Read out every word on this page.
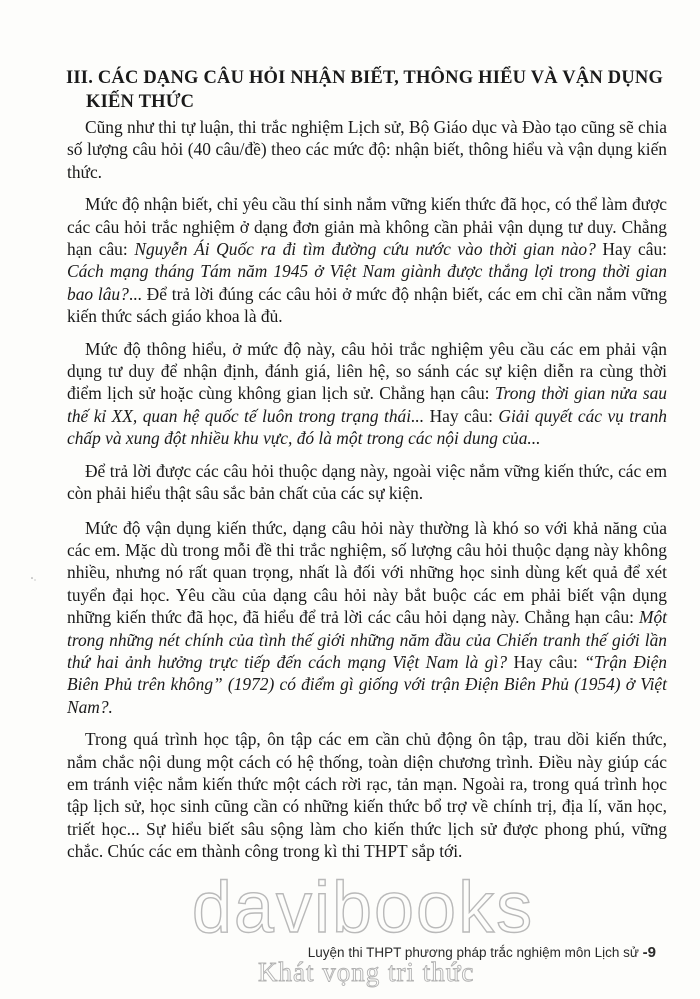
III. CÁC DẠNG CÂU HỎI NHẬN BIẾT, THÔNG HIỂU VÀ VẬN DỤNG
KIẾN THỨC

Cũng như thi tự luận, thi trắc nghiệm Lịch sử, Bộ Giáo dục và Đào tạo cũng sẽ chia số lượng câu hỏi (40 câu/đề) theo các mức độ: nhận biết, thông hiểu và vận dụng kiến thức.

Mức độ nhận biết, chỉ yêu cầu thí sinh nắm vững kiến thức đã học, có thể làm được các câu hỏi trắc nghiệm ở dạng đơn giản mà không cần phải vận dụng tư duy. Chẳng hạn câu: Nguyễn Ái Quốc ra đi tìm đường cứu nước vào thời gian nào? Hay câu: Cách mạng tháng Tám năm 1945 ở Việt Nam giành được thắng lợi trong thời gian bao lâu?... Để trả lời đúng các câu hỏi ở mức độ nhận biết, các em chỉ cần nắm vững kiến thức sách giáo khoa là đủ.

Mức độ thông hiểu, ở mức độ này, câu hỏi trắc nghiệm yêu cầu các em phải vận dụng tư duy để nhận định, đánh giá, liên hệ, so sánh các sự kiện diễn ra cùng thời điểm lịch sử hoặc cùng không gian lịch sử. Chẳng hạn câu: Trong thời gian nửa sau thế kỉ XX, quan hệ quốc tế luôn trong trạng thái... Hay câu: Giải quyết các vụ tranh chấp và xung đột nhiều khu vực, đó là một trong các nội dung của...

Để trả lời được các câu hỏi thuộc dạng này, ngoài việc nắm vững kiến thức, các em còn phải hiểu thật sâu sắc bản chất của các sự kiện.

Mức độ vận dụng kiến thức, dạng câu hỏi này thường là khó so với khả năng của các em. Mặc dù trong mỗi đề thi trắc nghiệm, số lượng câu hỏi thuộc dạng này không nhiều, nhưng nó rất quan trọng, nhất là đối với những học sinh dùng kết quả để xét tuyển đại học. Yêu cầu của dạng câu hỏi này bắt buộc các em phải biết vận dụng những kiến thức đã học, đã hiểu để trả lời các câu hỏi dạng này. Chẳng hạn câu: Một trong những nét chính của tình thế giới những năm đầu của Chiến tranh thế giới lần thứ hai ảnh hưởng trực tiếp đến cách mạng Việt Nam là gì? Hay câu: “Trận Điện Biên Phủ trên không” (1972) có điểm gì giống với trận Điện Biên Phủ (1954) ở Việt Nam?.

Trong quá trình học tập, ôn tập các em cần chủ động ôn tập, trau dồi kiến thức, nắm chắc nội dung một cách có hệ thống, toàn diện chương trình. Điều này giúp các em tránh việc nắm kiến thức một cách rời rạc, tản mạn. Ngoài ra, trong quá trình học tập lịch sử, học sinh cũng cần có những kiến thức bổ trợ về chính trị, địa lí, văn học, triết học... Sự hiểu biết sâu sộng làm cho kiến thức lịch sử được phong phú, vững chắc. Chúc các em thành công trong kì thi THPT sắp tới.

davibooks
Luyện thi THPT phương pháp trắc nghiệm môn Lịch sử -9
Khát vọng tri thức
